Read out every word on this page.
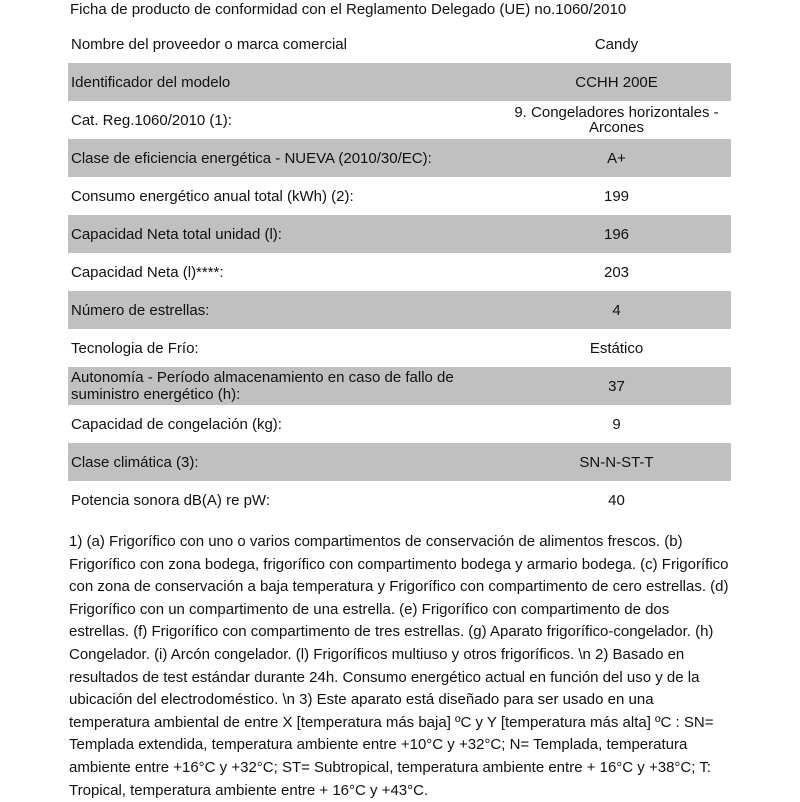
Ficha de producto de conformidad con el Reglamento Delegado (UE) no.1060/2010
Nombre del proveedor o marca comercial	Candy
Identificador del modelo	CCHH 200E
Cat. Reg.1060/2010 (1):	9. Congeladores horizontales - Arcones
Clase de eficiencia energética - NUEVA (2010/30/EC):	A+
Consumo energético anual total (kWh) (2):	199
Capacidad Neta total unidad (l):	196
Capacidad Neta (l)****:	203
Número de estrellas:	4
Tecnologia de Frío:	Estático
Autonomía - Período almacenamiento en caso de fallo de suministro energético (h):	37
Capacidad de congelación (kg):	9
Clase climática (3):	SN-N-ST-T
Potencia sonora dB(A) re pW:	40

1) (a) Frigorífico con uno o varios compartimentos de conservación de alimentos frescos. (b) Frigorífico con zona bodega, frigorífico con compartimento bodega y armario bodega. (c) Frigorífico con zona de conservación a baja temperatura y Frigorífico con compartimento de cero estrellas. (d) Frigorífico con un compartimento de una estrella. (e) Frigorífico con compartimento de dos estrellas. (f) Frigorífico con compartimento de tres estrellas. (g) Aparato frigorífico-congelador. (h) Congelador. (i) Arcón congelador. (l) Frigoríficos multiuso y otros frigoríficos. \n 2) Basado en resultados de test estándar durante 24h. Consumo energético actual en función del uso y de la ubicación del electrodoméstico. \n 3) Este aparato está diseñado para ser usado en una temperatura ambiental de entre X [temperatura más baja] ºC y Y [temperatura más alta] ºC : SN= Templada extendida, temperatura ambiente entre +10°C y +32°C; N= Templada, temperatura ambiente entre +16°C y +32°C; ST= Subtropical, temperatura ambiente entre + 16°C y +38°C; T: Tropical, temperatura ambiente entre + 16°C y +43°C.
